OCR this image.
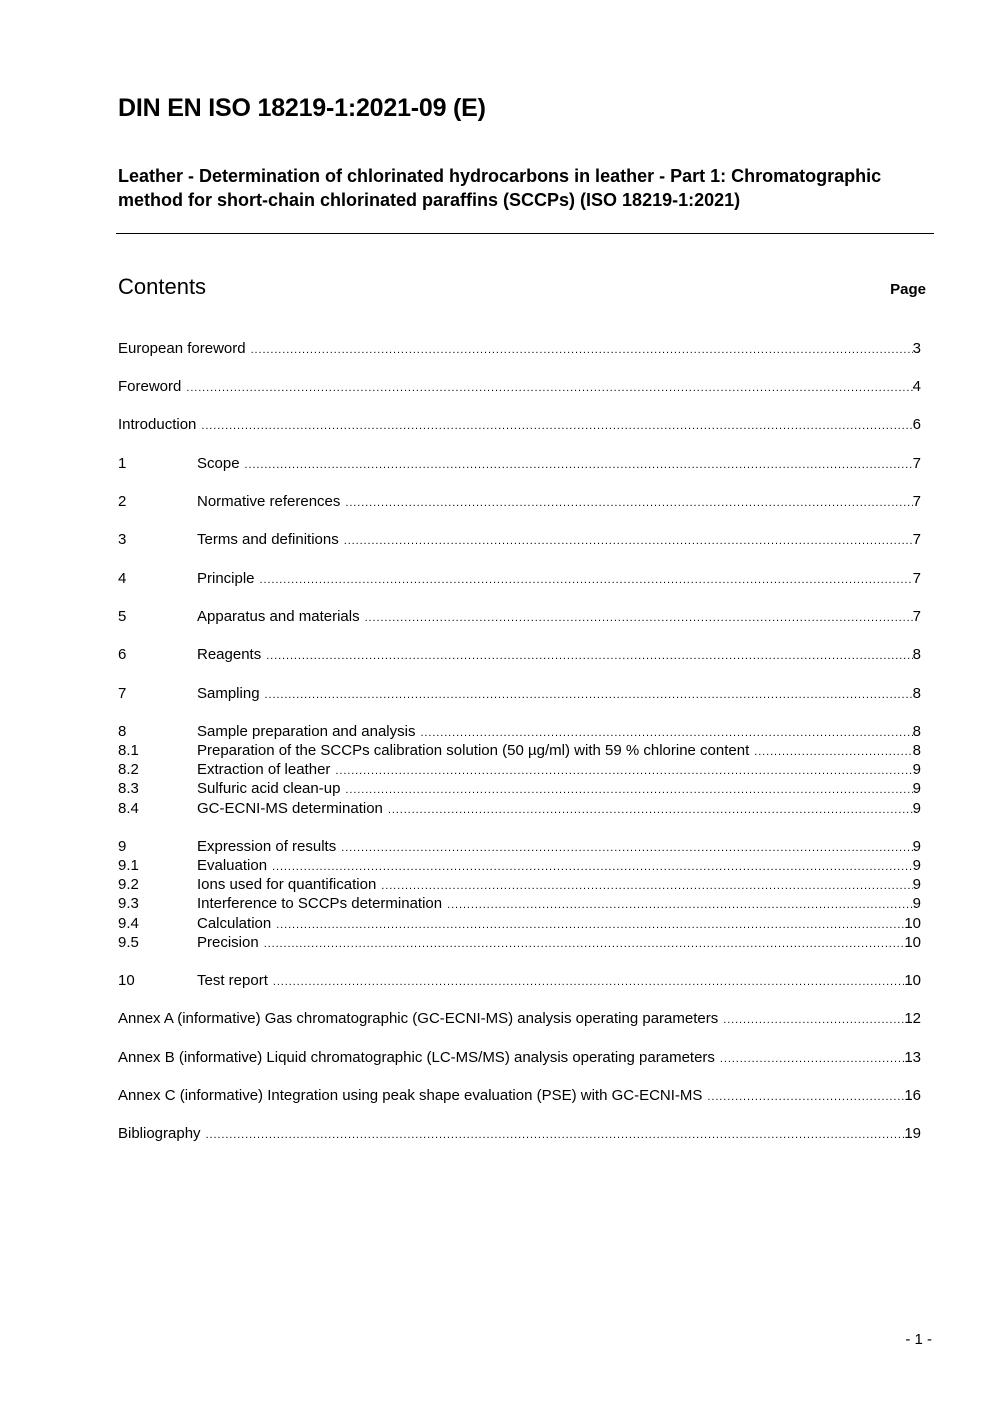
DIN EN ISO 18219-1:2021-09 (E)
Leather - Determination of chlorinated hydrocarbons in leather - Part 1: Chromatographic method for short-chain chlorinated paraffins (SCCPs) (ISO 18219-1:2021)
Contents	Page
European foreword .....	3
Foreword .....	4
Introduction .....	6
1	Scope .....	7
2	Normative references .....	7
3	Terms and definitions .....	7
4	Principle .....	7
5	Apparatus and materials .....	7
6	Reagents .....	8
7	Sampling .....	8
8	Sample preparation and analysis .....	8
8.1	Preparation of the SCCPs calibration solution (50 µg/ml) with 59 % chlorine content .....	8
8.2	Extraction of leather .....	9
8.3	Sulfuric acid clean-up .....	9
8.4	GC-ECNI-MS determination .....	9
9	Expression of results .....	9
9.1	Evaluation .....	9
9.2	Ions used for quantification .....	9
9.3	Interference to SCCPs determination .....	9
9.4	Calculation .....	10
9.5	Precision .....	10
10	Test report .....	10
Annex A (informative) Gas chromatographic (GC-ECNI-MS) analysis operating parameters .....	12
Annex B (informative) Liquid chromatographic (LC-MS/MS) analysis operating parameters .....	13
Annex C (informative) Integration using peak shape evaluation (PSE) with GC-ECNI-MS .....	16
Bibliography .....	19
- 1 -
